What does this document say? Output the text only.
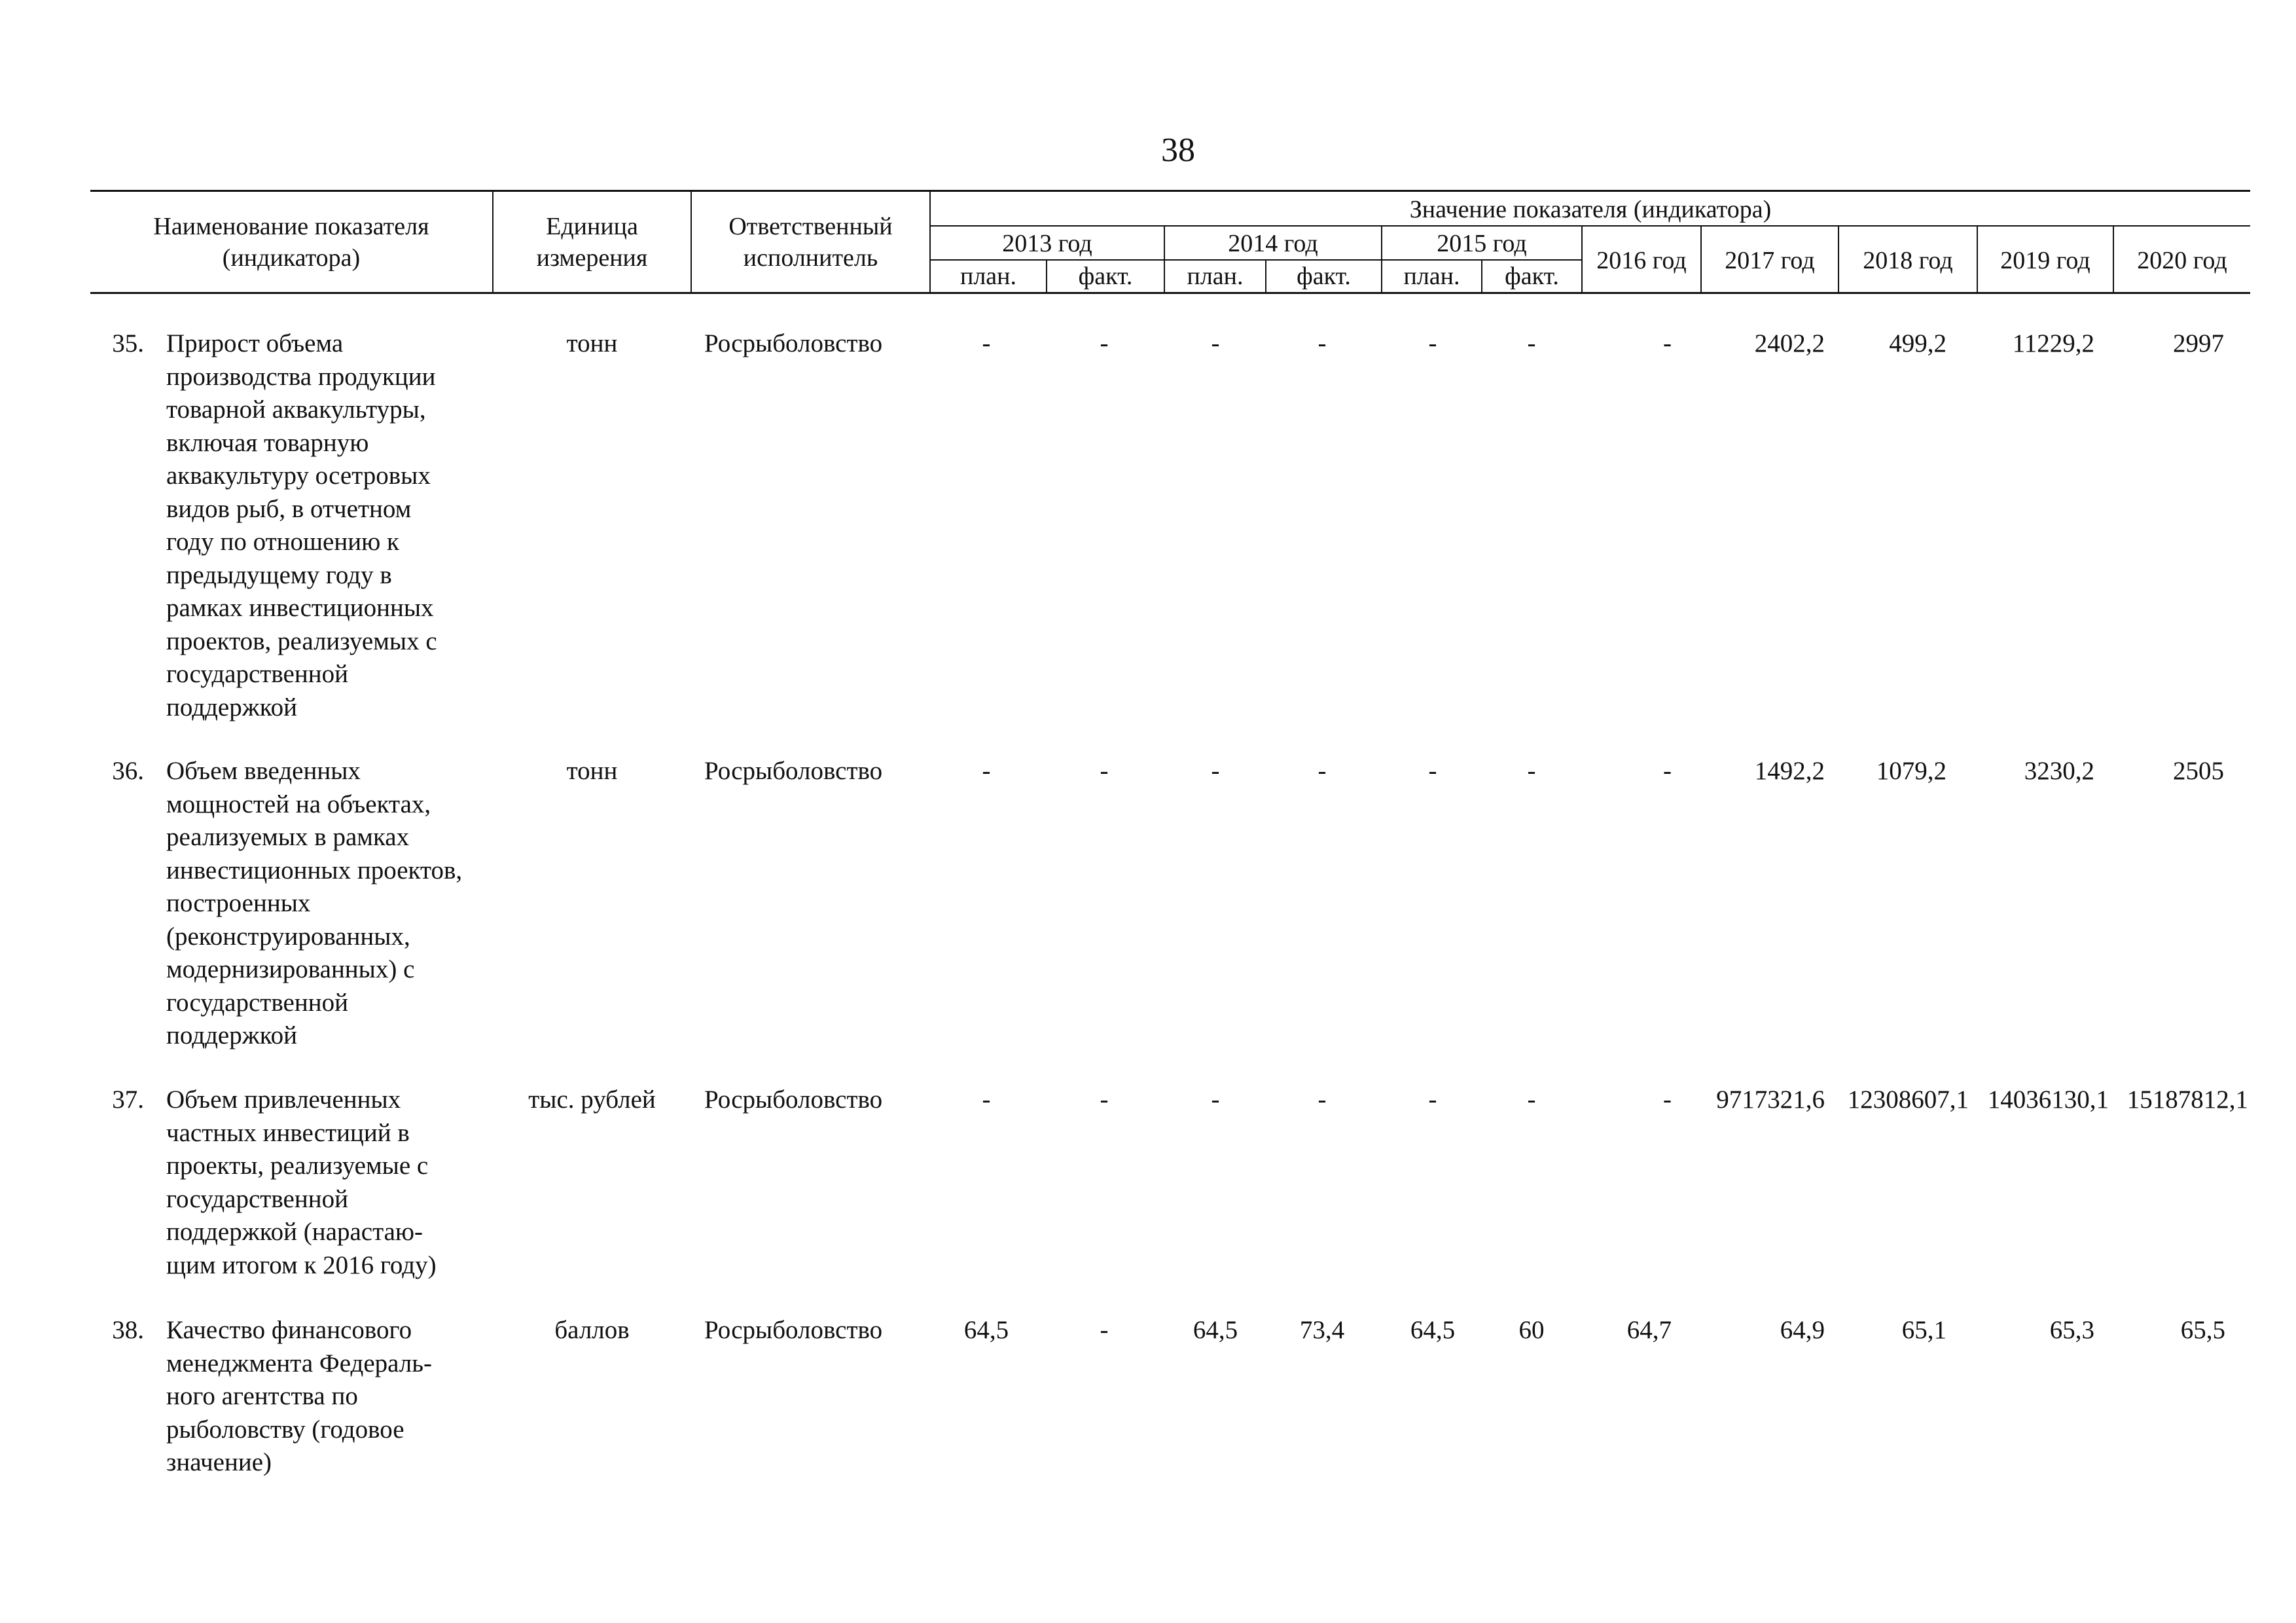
38
Наименование показателя
(индикатора)
Единица
измерения
Ответственный
исполнитель
Значение показателя (индикатора)
2013 год	2014 год	2015 год
2016 год	2017 год	2018 год	2019 год	2020 год
план.	факт.	план.	факт.	план.	факт.
35. Прирост объема
производства продукции
товарной аквакультуры,
включая товарную
аквакультуру осетровых
видов рыб, в отчетном
году по отношению к
предыдущему году в
рамках инвестиционных
проектов, реализуемых с
государственной
поддержкой
тонн	Росрыболовство	-	-	-	-	-	-	-	2402,2	499,2	11229,2	2997
36. Объем введенных
мощностей на объектах,
реализуемых в рамках
инвестиционных проектов,
построенных
(реконструированных,
модернизированных) с
государственной
поддержкой
тонн	Росрыболовство	-	-	-	-	-	-	-	1492,2	1079,2	3230,2	2505
37. Объем привлеченных
частных инвестиций в
проекты, реализуемые с
государственной
поддержкой (нарастаю-
щим итогом к 2016 году)
тыс. рублей	Росрыболовство	-	-	-	-	-	-	-	9717321,6 12308607,1 14036130,1 15187812,1
38. Качество финансового
менеджмента Федераль-
ного агентства по
рыболовству (годовое
значение)
баллов	Росрыболовство	64,5	-	64,5	73,4	64,5	60	64,7	64,9	65,1	65,3	65,5
